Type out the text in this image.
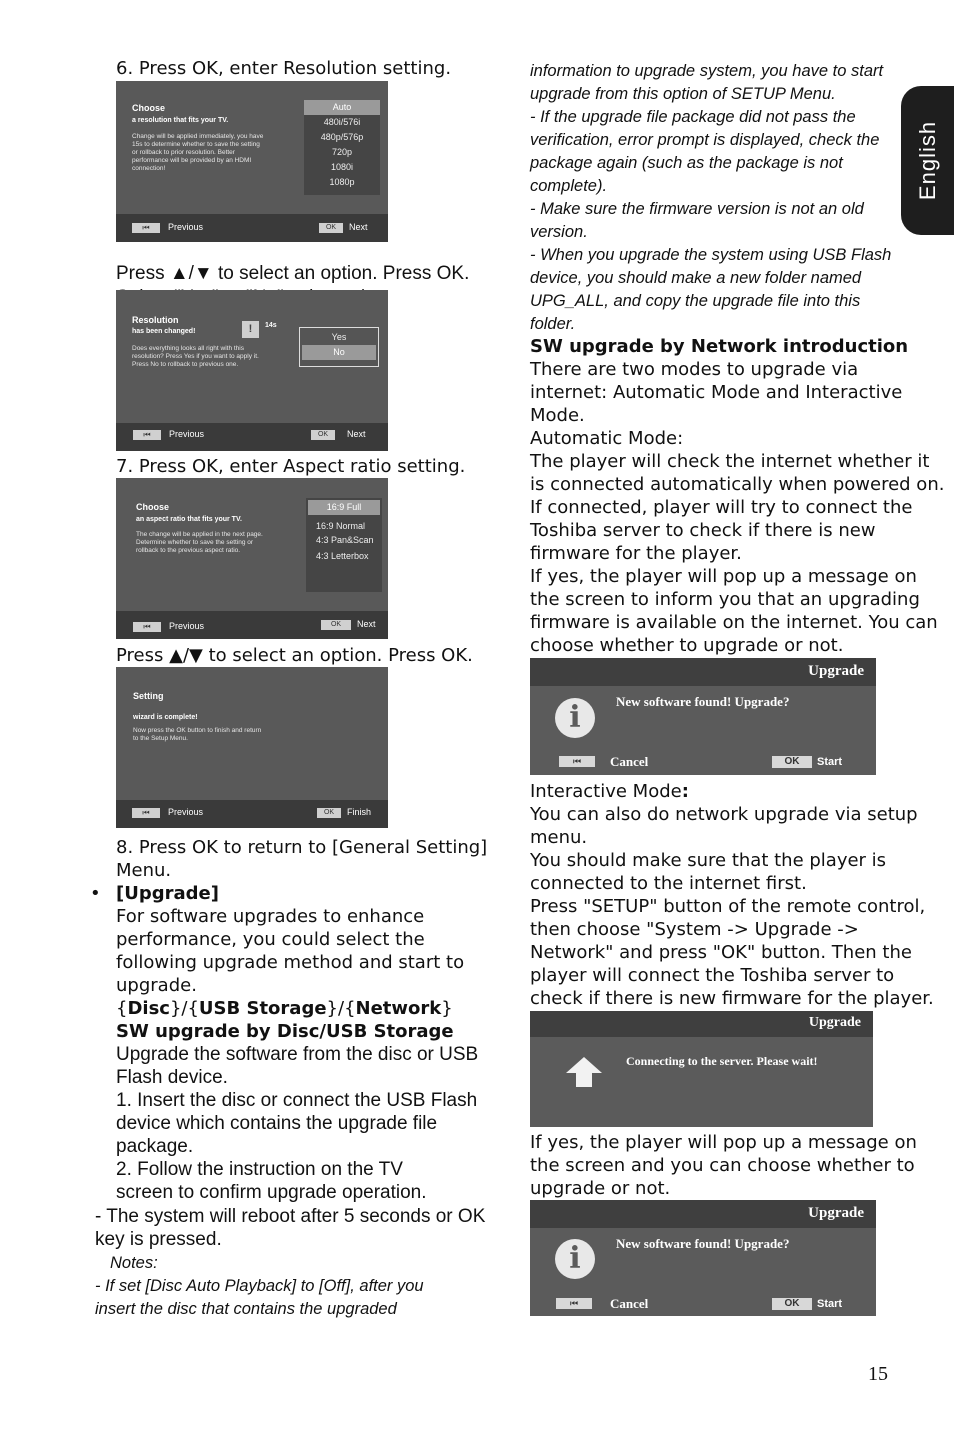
English

6. Press OK, enter Resolution setting.

Choose
a resolution that fits your TV.
Change will be applied immediately, you have
15s to determine whether to save the setting
or rollback to prior resolution. Better
performance will be provided by an HDMI
connection!
Auto
480i/576i
480p/576p
720p
1080i
1080p
⏮	Previous	OK	Next

Press ▲/▼ to select an option. Press OK.

Resolution
has been changed!	!	14s
Does everything looks all right with this
resolution? Press Yes if you want to apply it.
Press No to rollback to previous one.
Yes
No
⏮	Previous	OK	Next

7. Press OK, enter Aspect ratio setting.

Choose
an aspect ratio that fits your TV.
The change will be applied in the next page.
Determine whether to save the setting or
rollback to the previous aspect ratio.
16:9 Full
16:9 Normal
4:3 Pan&Scan
4:3 Letterbox
⏮	Previous	OK	Next

Press ▲/▼ to select an option. Press OK.

Setting
wizard is complete!
Now press the OK button to finish and return
to the Setup Menu.
⏮	Previous	OK	Finish

8. Press OK to return to [General Setting]

Menu.

• [Upgrade]

For software upgrades to enhance

performance, you could select the

following upgrade method and start to

upgrade.

{Disc}/{USB Storage}/{Network}

SW upgrade by Disc/USB Storage

Upgrade the software from the disc or USB

Flash device.

1. Insert the disc or connect the USB Flash

device which contains the upgrade file

package.

2. Follow the instruction on the TV

screen to confirm upgrade operation.

- The system will reboot after 5 seconds or OK

key is pressed.

Notes:

- If set [Disc Auto Playback] to [Off], after you

insert the disc that contains the upgraded

information to upgrade system, you have to start

upgrade from this option of SETUP Menu.

- If the upgrade file package did not pass the

verification, error prompt is displayed, check the

package again (such as the package is not

complete).

- Make sure the firmware version is not an old

version.

- When you upgrade the system using USB Flash

device, you should make a new folder named

UPG_ALL, and copy the upgrade file into this

folder.

SW upgrade by Network introduction

There are two modes to upgrade via

internet: Automatic Mode and Interactive

Mode.

Automatic Mode:

The player will check the internet whether it

is connected automatically when powered on.

If connected, player will try to connect the

Toshiba server to check if there is new

firmware for the player.

If yes, the player will pop up a message on

the screen to inform you that an upgrading

firmware is available on the internet. You can

choose whether to upgrade or not.

Upgrade
i	New software found! Upgrade?
⏮	Cancel	OK	Start

Interactive Mode:

You can also do network upgrade via setup

menu.

You should make sure that the player is

connected to the internet first.

Press "SETUP" button of the remote control,

then choose "System -> Upgrade ->

Network" and press "OK" button. Then the

player will connect the Toshiba server to

check if there is new firmware for the player.

Upgrade
Connecting to the server. Please wait!

If yes, the player will pop up a message on

the screen and you can choose whether to

upgrade or not.

Upgrade
i	New software found! Upgrade?
⏮	Cancel	OK	Start
15
